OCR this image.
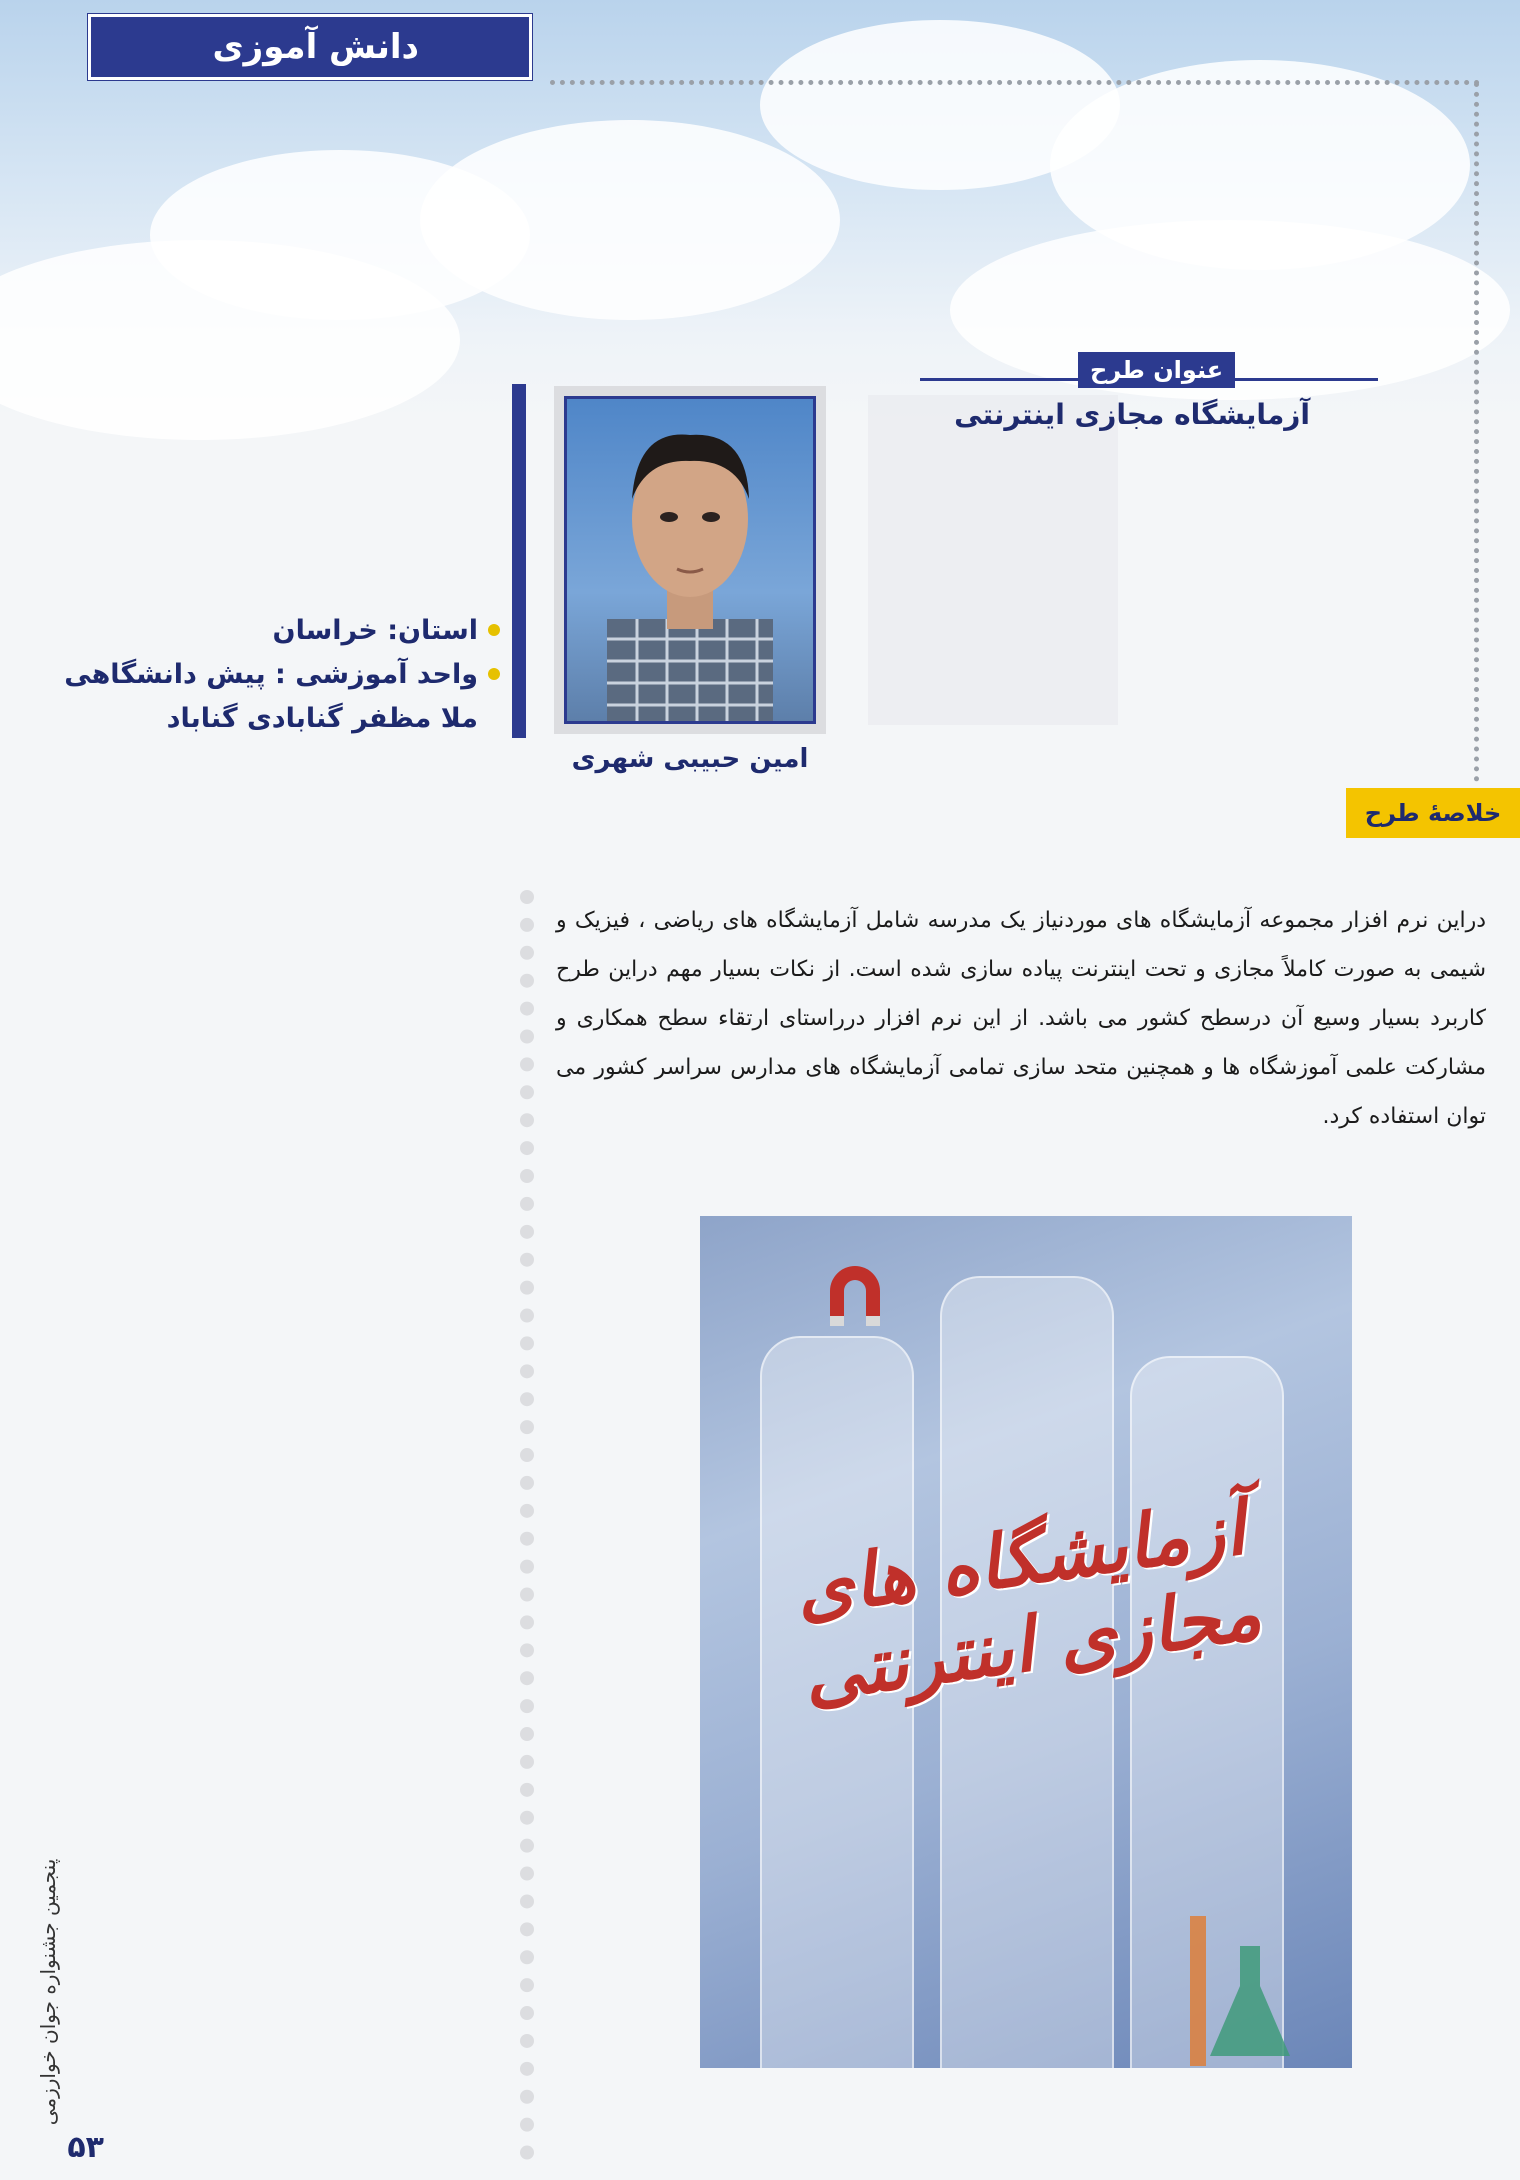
دانش آموزی
عنوان طرح
آزمایشگاه مجازی اینترنتی
امین حبیبی شهری
استان: خراسان
واحد آموزشی : پیش دانشگاهی
ملا مظفر گنابادی گناباد
خلاصهٔ طرح
دراین نرم افزار مجموعه آزمایشگاه های موردنیاز یک مدرسه شامل آزمایشگاه های ریاضی ، فیزیک و شیمی به صورت کاملاً مجازی و تحت اینترنت پیاده سازی شده است. از نکات بسیار مهم دراین طرح کاربرد بسیار وسیع آن درسطح کشور می باشد. از این نرم افزار درراستای ارتقاء سطح همکاری و مشارکت علمی آموزشگاه ها و همچنین متحد سازی تمامی آزمایشگاه های مدارس سراسر کشور می توان استفاده کرد.
آزمایشگاه های مجازی اینترنتی
پنجمین جشنواره جوان خوارزمی
۵۳
